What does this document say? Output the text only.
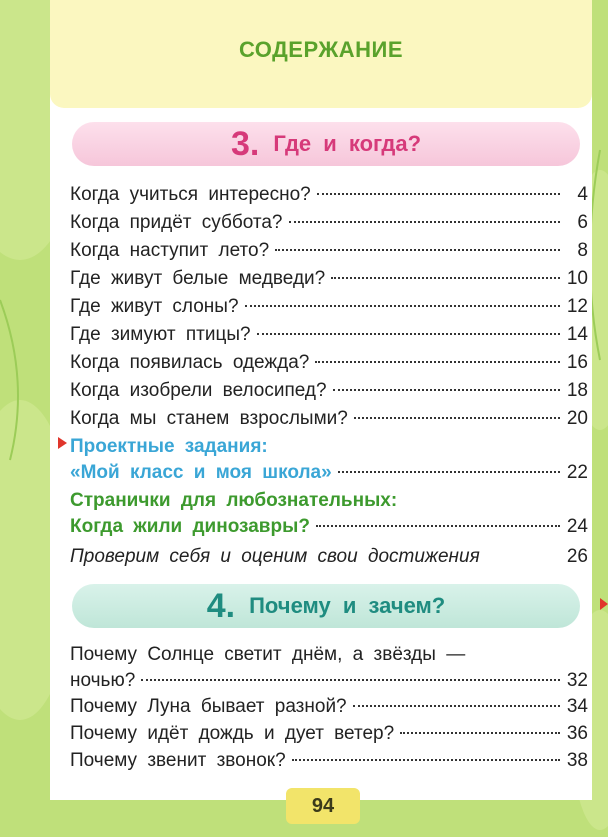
СОДЕРЖАНИЕ
3. Где и когда?
Когда учиться интересно?	4
Когда придёт суббота?	6
Когда наступит лето?	8
Где живут белые медведи?	10
Где живут слоны?	12
Где зимуют птицы?	14
Когда появилась одежда?	16
Когда изобрели велосипед?	18
Когда мы станем взрослыми?	20
Проектные задания:
«Мой класс и моя школа»	22
Странички для любознательных:
Когда жили динозавры?	24
Проверим себя и оценим свои достижения	26
4. Почему и зачем?
Почему Солнце светит днём, а звёзды —
ночью?	32
Почему Луна бывает разной?	34
Почему идёт дождь и дует ветер?	36
Почему звенит звонок?	38
94
